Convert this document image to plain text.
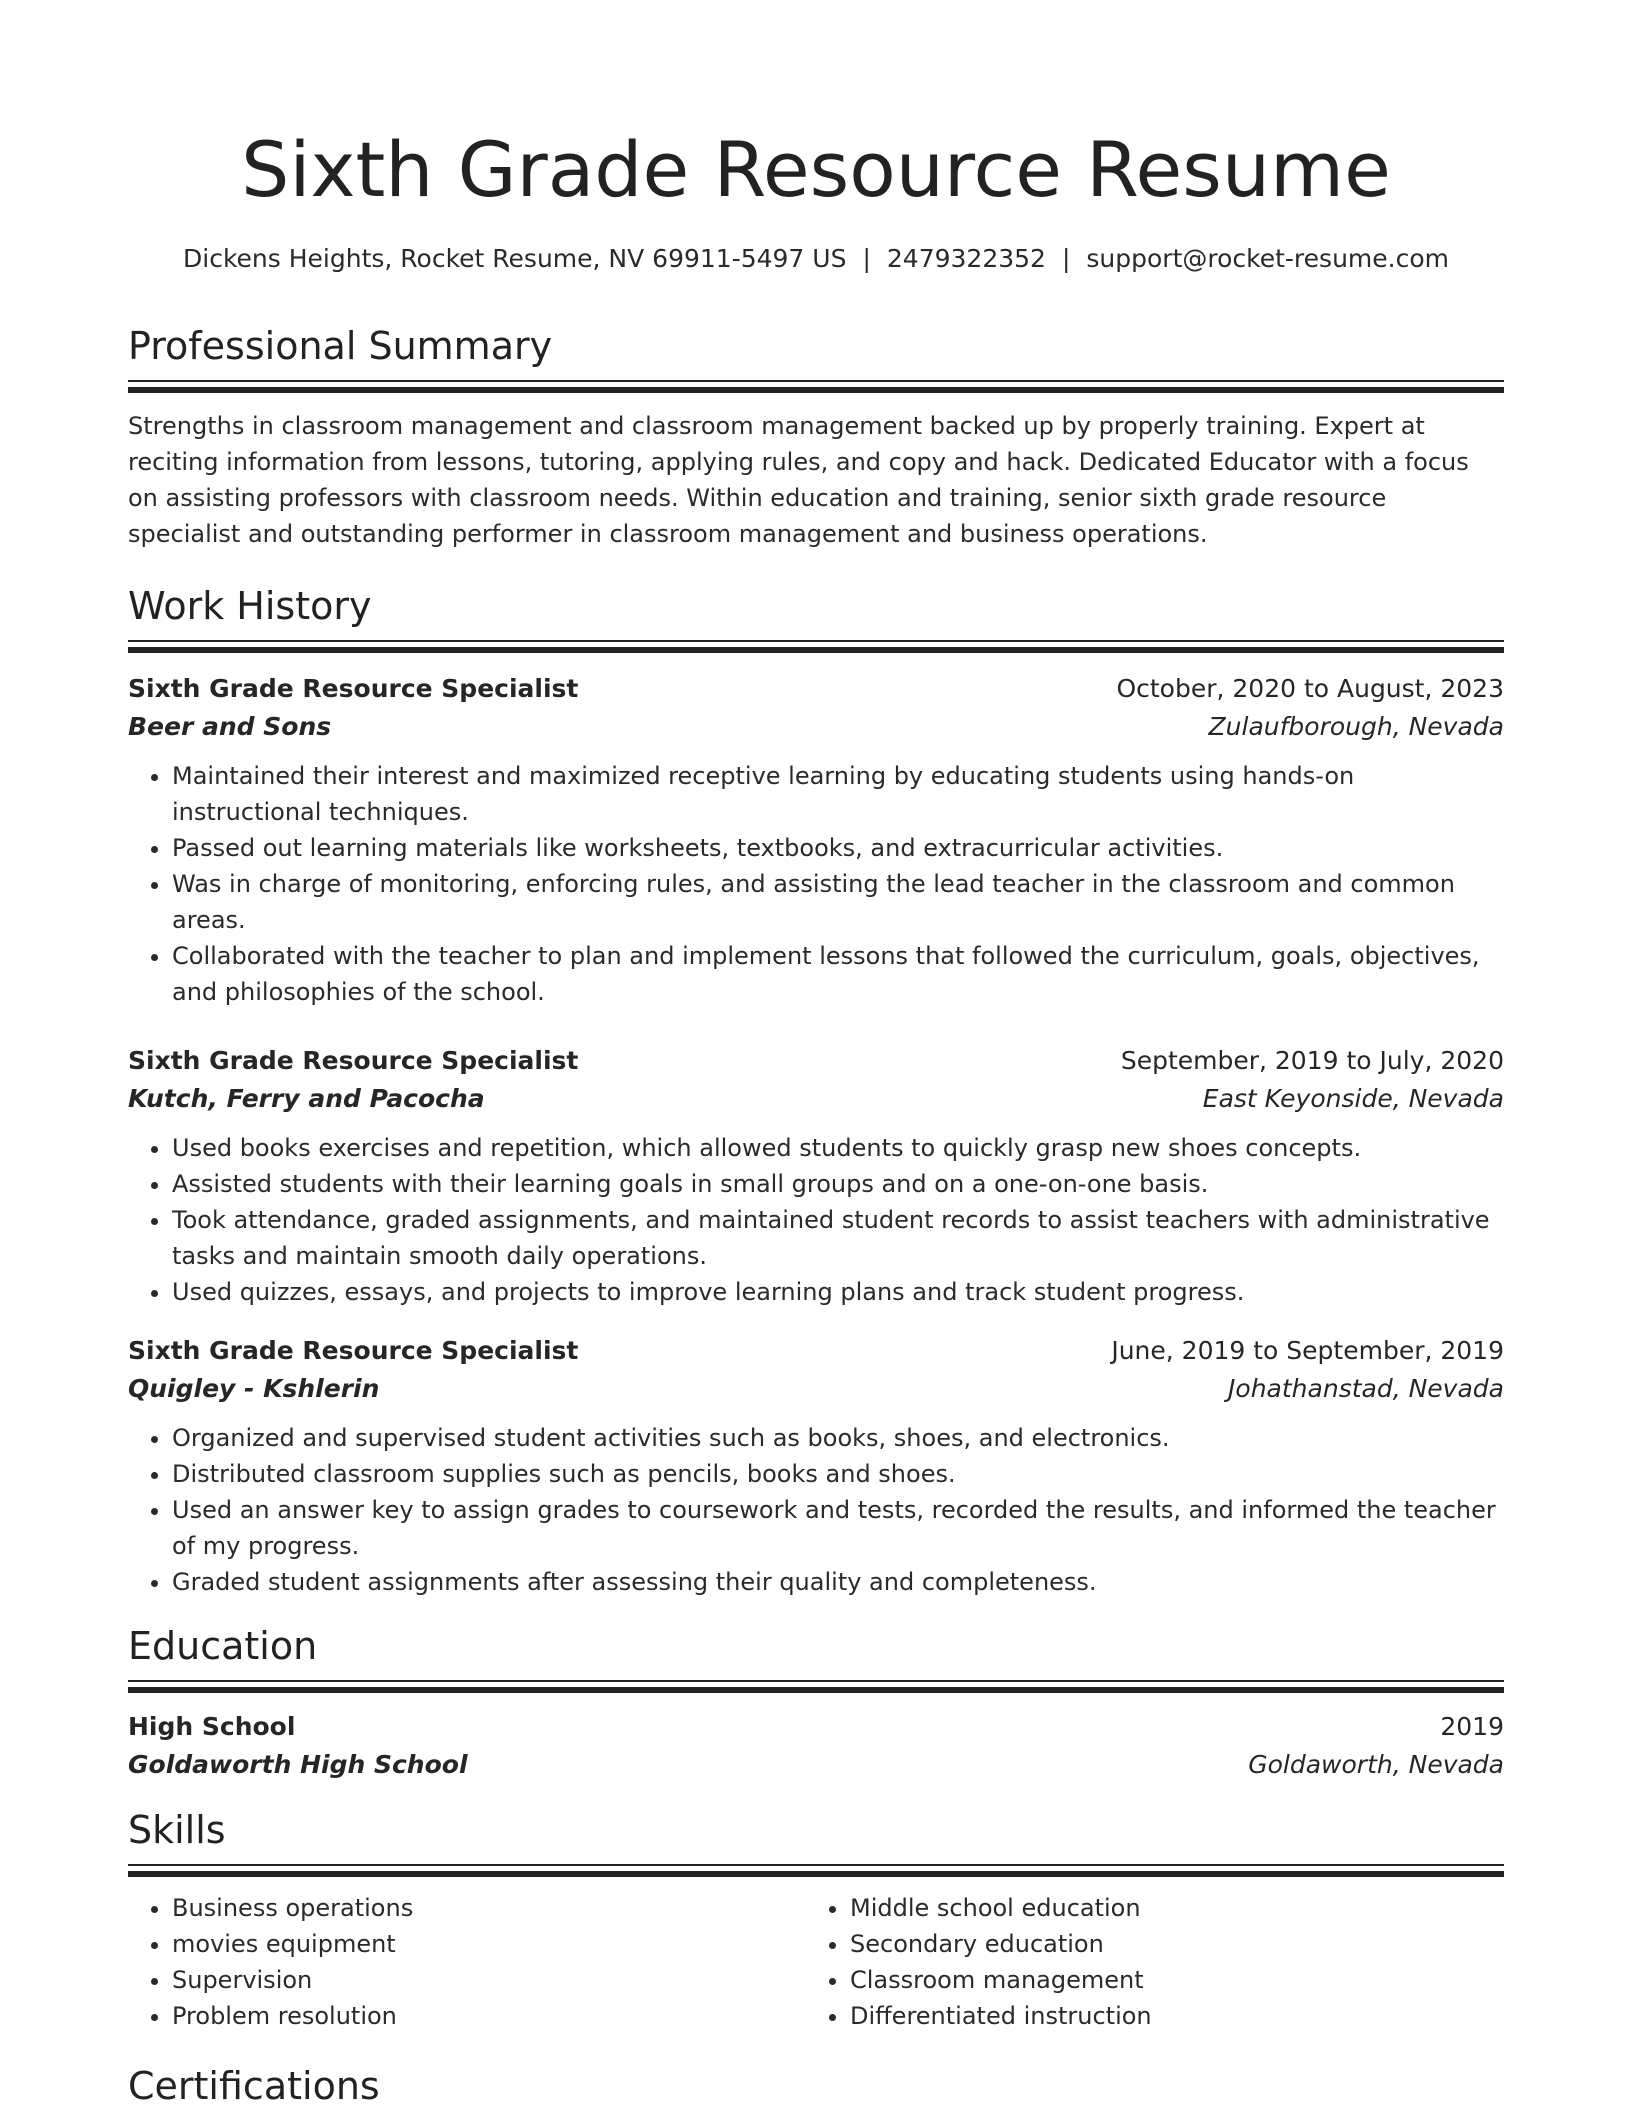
Sixth Grade Resource Resume
Dickens Heights, Rocket Resume, NV 69911-5497 US | 2479322352 | support@rocket-resume.com
Professional Summary
Strengths in classroom management and classroom management backed up by properly training. Expert at reciting information from lessons, tutoring, applying rules, and copy and hack. Dedicated Educator with a focus on assisting professors with classroom needs. Within education and training, senior sixth grade resource specialist and outstanding performer in classroom management and business operations.
Work History
Sixth Grade Resource Specialist	October, 2020 to August, 2023
Beer and Sons	Zulaufborough, Nevada
• Maintained their interest and maximized receptive learning by educating students using hands-on instructional techniques.
• Passed out learning materials like worksheets, textbooks, and extracurricular activities.
• Was in charge of monitoring, enforcing rules, and assisting the lead teacher in the classroom and common areas.
• Collaborated with the teacher to plan and implement lessons that followed the curriculum, goals, objectives, and philosophies of the school.
Sixth Grade Resource Specialist	September, 2019 to July, 2020
Kutch, Ferry and Pacocha	East Keyonside, Nevada
• Used books exercises and repetition, which allowed students to quickly grasp new shoes concepts.
• Assisted students with their learning goals in small groups and on a one-on-one basis.
• Took attendance, graded assignments, and maintained student records to assist teachers with administrative tasks and maintain smooth daily operations.
• Used quizzes, essays, and projects to improve learning plans and track student progress.
Sixth Grade Resource Specialist	June, 2019 to September, 2019
Quigley - Kshlerin	Johathanstad, Nevada
• Organized and supervised student activities such as books, shoes, and electronics.
• Distributed classroom supplies such as pencils, books and shoes.
• Used an answer key to assign grades to coursework and tests, recorded the results, and informed the teacher of my progress.
• Graded student assignments after assessing their quality and completeness.
Education
High School	2019
Goldaworth High School	Goldaworth, Nevada
Skills
• Business operations
• movies equipment
• Supervision
• Problem resolution
• Middle school education
• Secondary education
• Classroom management
• Differentiated instruction
Certifications
